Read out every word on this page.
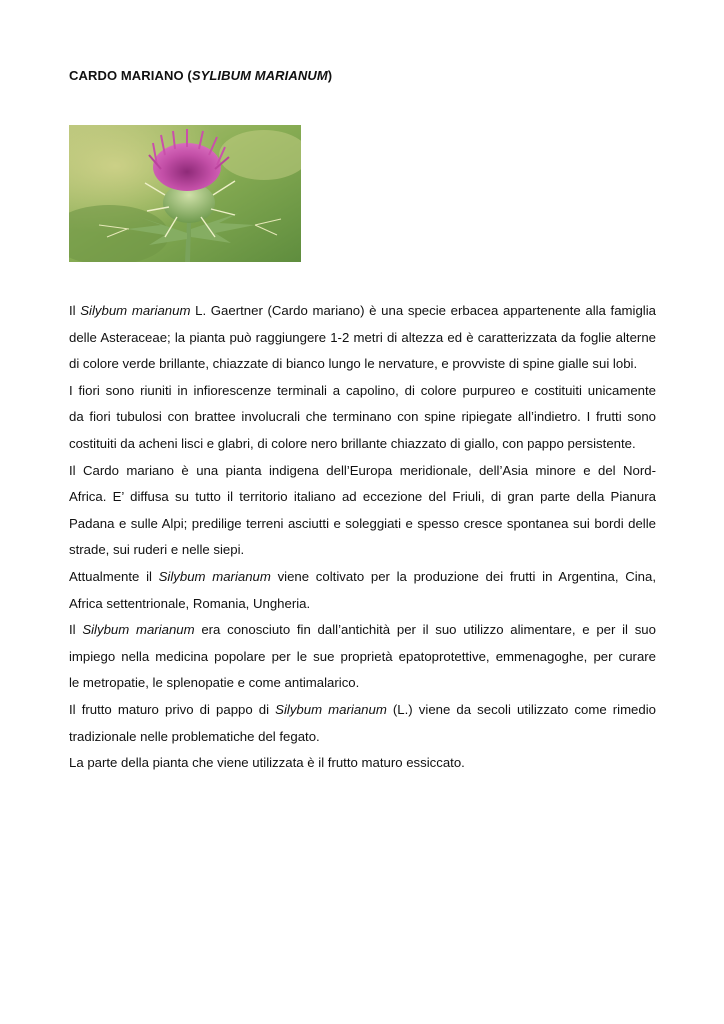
CARDO MARIANO (SYLIBUM MARIANUM)
Il Silybum marianum L. Gaertner (Cardo mariano) è una specie erbacea appartenente alla famiglia
delle Asteraceae; la pianta può raggiungere 1-2 metri di altezza ed è caratterizzata da foglie alterne
di colore verde brillante, chiazzate di bianco lungo le nervature, e provviste di spine gialle sui lobi.
I fiori sono riuniti in infiorescenze terminali a capolino, di colore purpureo e costituiti unicamente
da fiori tubulosi con brattee involucrali che terminano con spine ripiegate all’indietro. I frutti sono
costituiti da acheni lisci e glabri, di colore nero brillante chiazzato di giallo, con pappo persistente.
Il Cardo mariano è una pianta indigena dell’Europa meridionale, dell’Asia minore e del Nord-
Africa. E’ diffusa su tutto il territorio italiano ad eccezione del Friuli, di gran parte della Pianura
Padana e sulle Alpi; predilige terreni asciutti e soleggiati e spesso cresce spontanea sui bordi delle
strade, sui ruderi e nelle siepi.
Attualmente il Silybum marianum viene coltivato per la produzione dei frutti in Argentina, Cina,
Africa settentrionale, Romania, Ungheria.
Il Silybum marianum era conosciuto fin dall’antichità per il suo utilizzo alimentare, e per il suo
impiego nella medicina popolare per le sue proprietà epatoprotettive, emmenagoghe, per curare
le metropatie, le splenopatie e come antimalarico.
Il frutto maturo privo di pappo di Silybum marianum (L.) viene da secoli utilizzato come rimedio
tradizionale nelle problematiche del fegato.
La parte della pianta che viene utilizzata è il frutto maturo essiccato.
